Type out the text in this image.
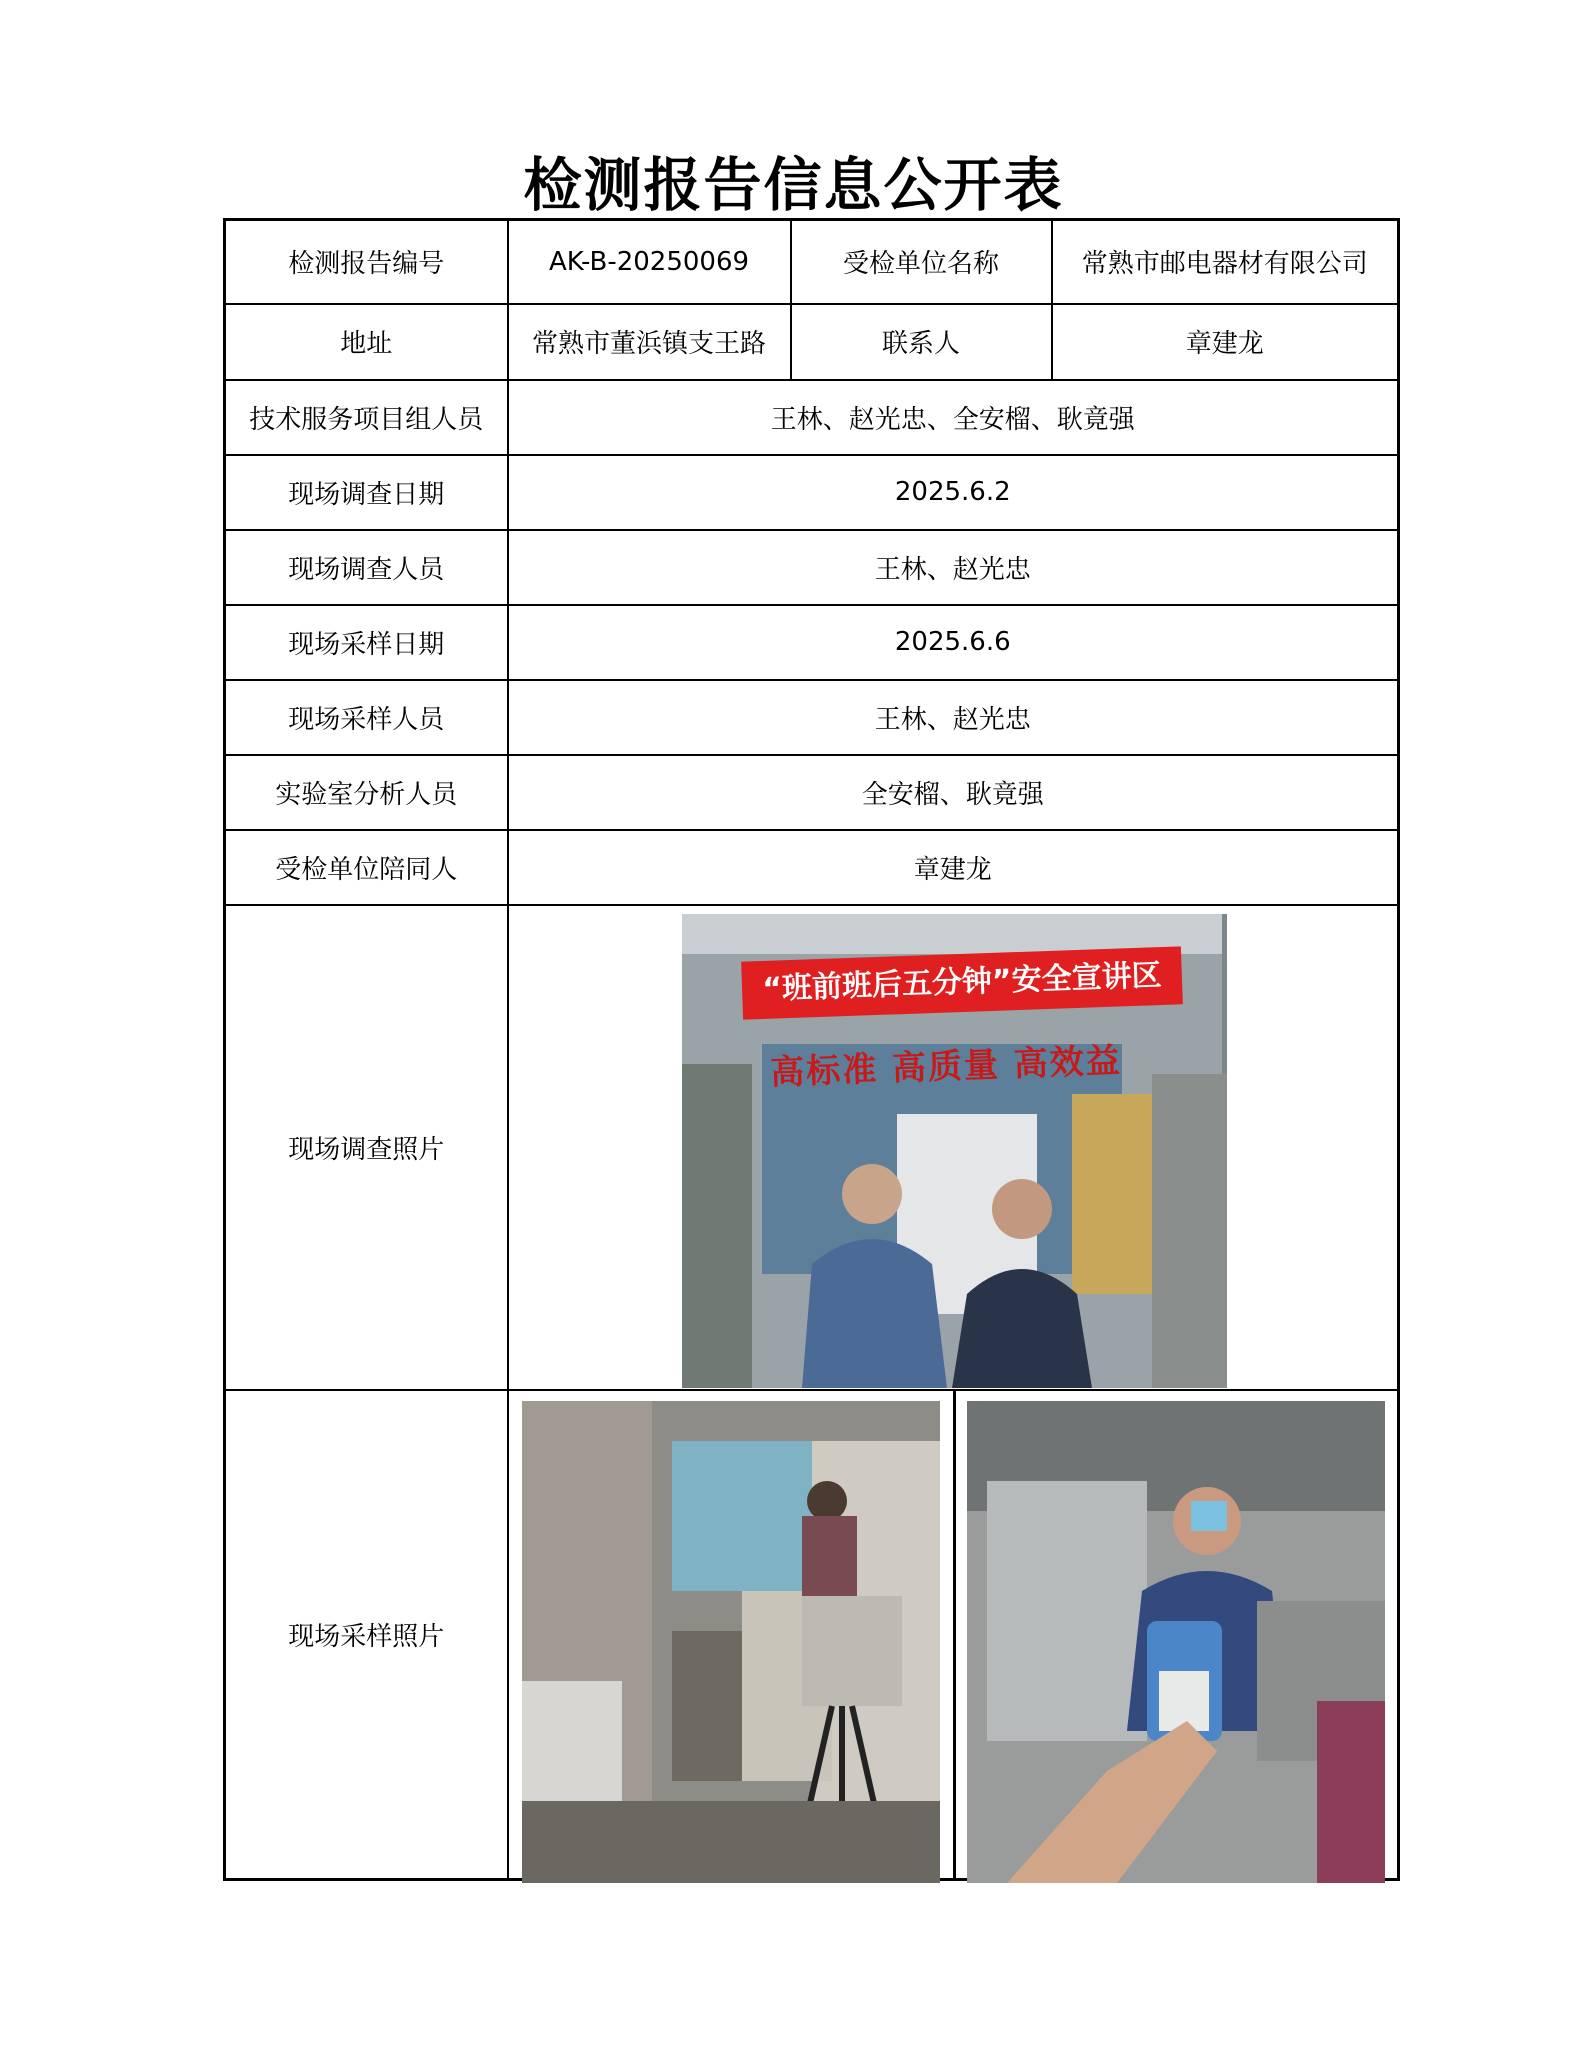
检测报告信息公开表
检测报告编号	AK-B-20250069	受检单位名称	常熟市邮电器材有限公司
地址	常熟市董浜镇支王路	联系人	章建龙
技术服务项目组人员	王林、赵光忠、全安榴、耿竟强		
现场调查日期	2025.6.2		
现场调查人员	王林、赵光忠		
现场采样日期	2025.6.6		
现场采样人员	王林、赵光忠		
实验室分析人员	全安榴、耿竟强		
受检单位陪同人	章建龙		
现场调查照片	“班前班后五分钟”安全宣讲区
高标准 高质量 高效益		

现场采样照片	
